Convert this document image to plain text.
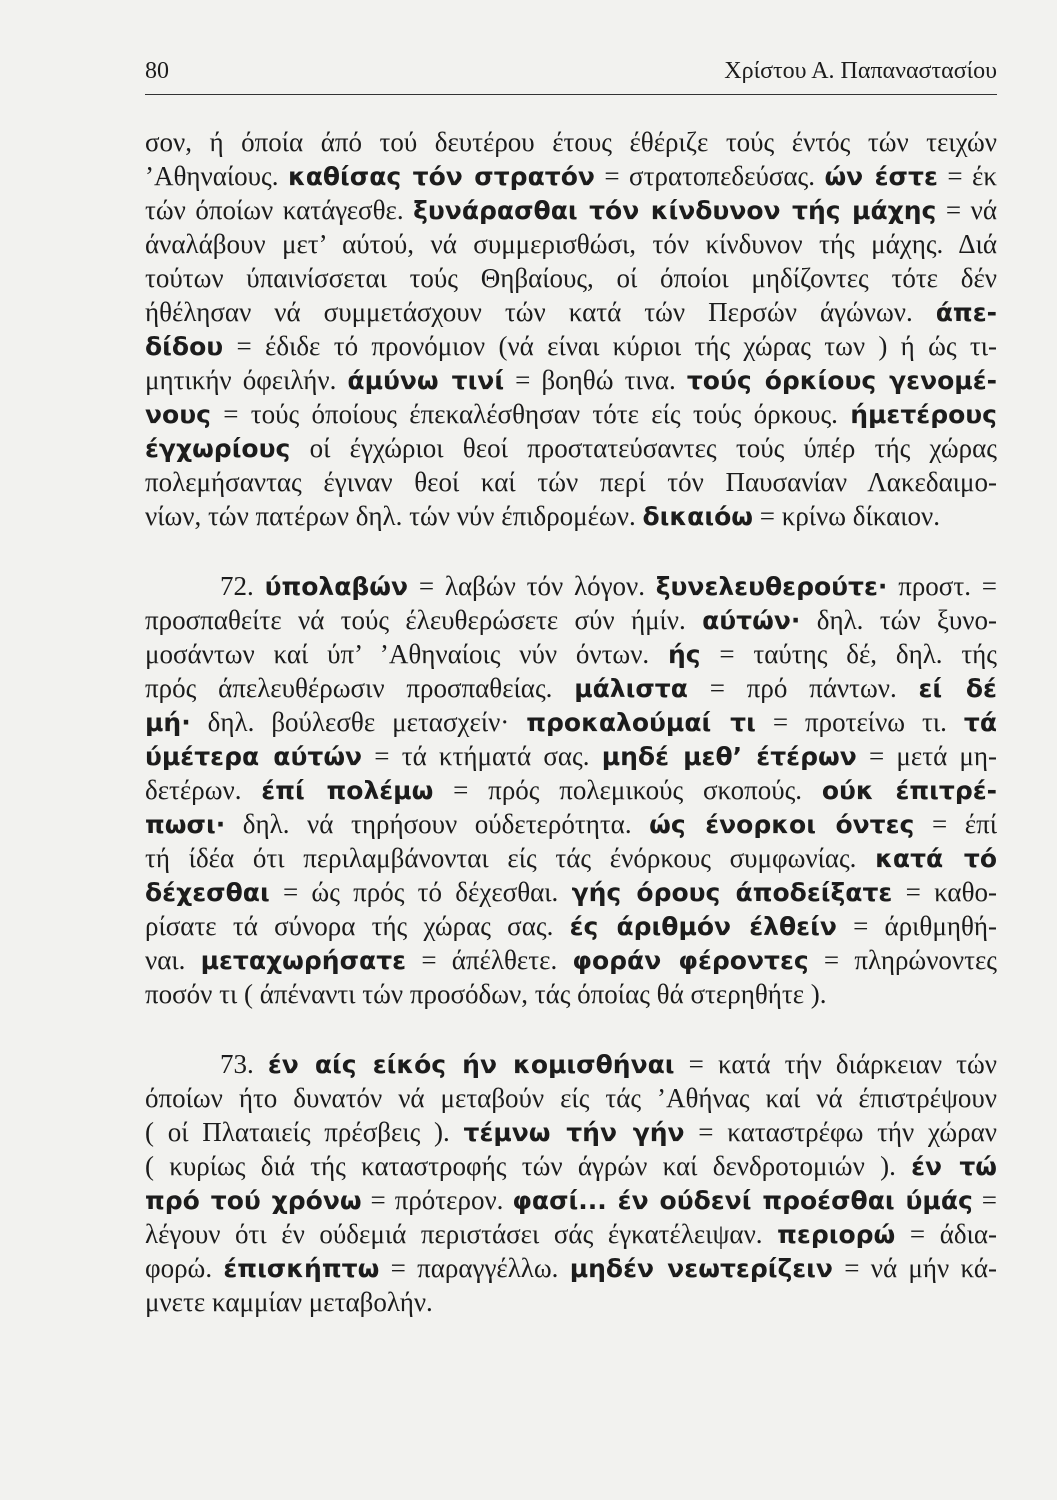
80	Χρίστου Α. Παπαναστασίου
σον, ή όποία άπό τού δευτέρου έτους έθέριζε τούς έντός τών τειχών
’Αθηναίους. καθίσας τόν στρατόν = στρατοπεδεύσας. ών έστε = έκ
τών όποίων κατάγεσθε. ξυνάρασθαι τόν κίνδυνον τής μάχης = νά
άναλάβουν μετ’ αύτού, νά συμμερισθώσι, τόν κίνδυνον τής μάχης. Διά
τούτων ύπαινίσσεται τούς Θηβαίους, οί όποίοι μηδίζοντες τότε δέν
ήθέλησαν νά συμμετάσχουν τών κατά τών Περσών άγώνων. άπε-
δίδου = έδιδε τό προνόμιον (νά είναι κύριοι τής χώρας των ) ή ώς τι-
μητικήν όφειλήν. άμύνω τινί = βοηθώ τινα. τούς όρκίους γενομέ-
νους = τούς όποίους έπεκαλέσθησαν τότε είς τούς όρκους. ήμετέρους
έγχωρίους οί έγχώριοι θεοί προστατεύσαντες τούς ύπέρ τής χώρας
πολεμήσαντας έγιναν θεοί καί τών περί τόν Παυσανίαν Λακεδαιμο-
νίων, τών πατέρων δηλ. τών νύν έπιδρομέων. δικαιόω = κρίνω δίκαιον.
72. ύπολαβών = λαβών τόν λόγον. ξυνελευθερούτε· προστ. =
προσπαθείτε νά τούς έλευθερώσετε σύν ήμίν. αύτών· δηλ. τών ξυνο-
μοσάντων καί ύπ’ ’Αθηναίοις νύν όντων. ής = ταύτης δέ, δηλ. τής
πρός άπελευθέρωσιν προσπαθείας. μάλιστα = πρό πάντων. εί δέ
μή· δηλ. βούλεσθε μετασχείν· προκαλούμαί τι = προτείνω τι. τά
ύμέτερα αύτών = τά κτήματά σας. μηδέ μεθ’ έτέρων = μετά μη-
δετέρων. έπί πολέμω = πρός πολεμικούς σκοπούς. ούκ έπιτρέ-
πωσι· δηλ. νά τηρήσουν ούδετερότητα. ώς ένορκοι όντες = έπί
τή ίδέα ότι περιλαμβάνονται είς τάς ένόρκους συμφωνίας. κατά τό
δέχεσθαι = ώς πρός τό δέχεσθαι. γής όρους άποδείξατε = καθο-
ρίσατε τά σύνορα τής χώρας σας. ές άριθμόν έλθείν = άριθμηθή-
ναι. μεταχωρήσατε = άπέλθετε. φοράν φέροντες = πληρώνοντες
ποσόν τι ( άπέναντι τών προσόδων, τάς όποίας θά στερηθήτε ).
73. έν αίς είκός ήν κομισθήναι = κατά τήν διάρκειαν τών
όποίων ήτο δυνατόν νά μεταβούν είς τάς ’Αθήνας καί νά έπιστρέψουν
( οί Πλαταιείς πρέσβεις ). τέμνω τήν γήν = καταστρέφω τήν χώραν
( κυρίως διά τής καταστροφής τών άγρών καί δενδροτομιών ). έν τώ
πρό τού χρόνω = πρότερον. φασί... έν ούδενί προέσθαι ύμάς =
λέγουν ότι έν ούδεμιά περιστάσει σάς έγκατέλειψαν. περιορώ = άδια-
φορώ. έπισκήπτω = παραγγέλλω. μηδέν νεωτερίζειν = νά μήν κά-
μνετε καμμίαν μεταβολήν.
